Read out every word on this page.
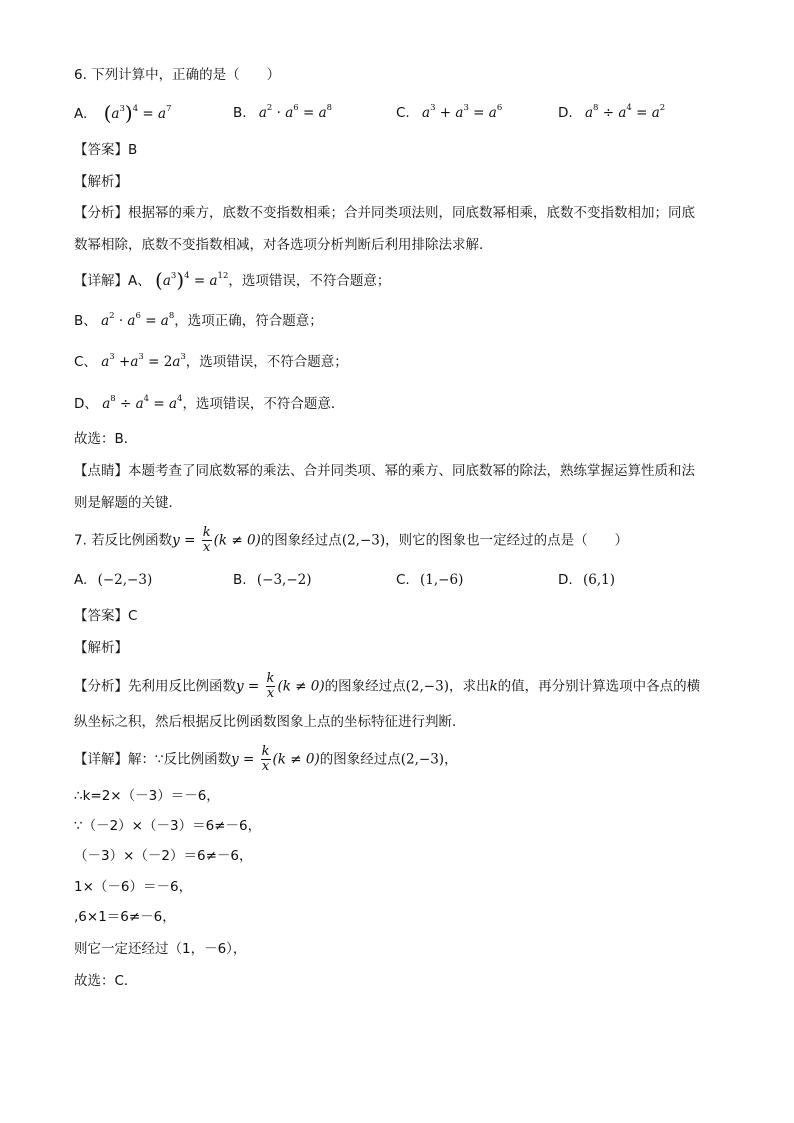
6. 下列计算中，正确的是（　　）
A. $(a^3)^4 = a^7$	B. $a^2 \cdot a^6 = a^8$	C. $a^3 + a^3 = a^6$	D. $a^8 \div a^4 = a^2$
【答案】B
【解析】
【分析】根据幂的乘方，底数不变指数相乘；合并同类项法则，同底数幂相乘，底数不变指数相加；同底
数幂相除，底数不变指数相减，对各选项分析判断后利用排除法求解．
【详解】A、 $(a^3)^4 = a^{12}$，选项错误，不符合题意；
B、 $a^2 \cdot a^6 = a^8$，选项正确，符合题意；
C、 $a^3 +a^3 = 2a^3$，选项错误，不符合题意；
D、 $a^8 \div a^4 = a^4$，选项错误，不符合题意．
故选：B．
【点睛】本题考查了同底数幂的乘法、合并同类项、幂的乘方、同底数幂的除法，熟练掌握运算性质和法
则是解题的关键．
7. 若反比例函数$y = \frac{k}{x} (k \ne 0)$的图象经过点(2,−3)，则它的图象也一定经过的点是（　　）
A. (−2,−3)	B. (−3,−2)	C. (1,−6)	D. (6,1)
【答案】C
【解析】
【分析】先利用反比例函数$y = \frac{k}{x} (k \ne 0)$的图象经过点(2,−3)，求出k的值，再分别计算选项中各点的横
纵坐标之积，然后根据反比例函数图象上点的坐标特征进行判断．
【详解】解：∵反比例函数$y = \frac{k}{x} (k \ne 0)$的图象经过点(2,−3)，
∴k=2×（－3）＝－6，
∵（－2）×（－3）＝6≠－6，
（－3）×（－2）＝6≠－6，
1×（－6）＝－6，
,6×1＝6≠－6，
则它一定还经过（1，－6），
故选：C．
